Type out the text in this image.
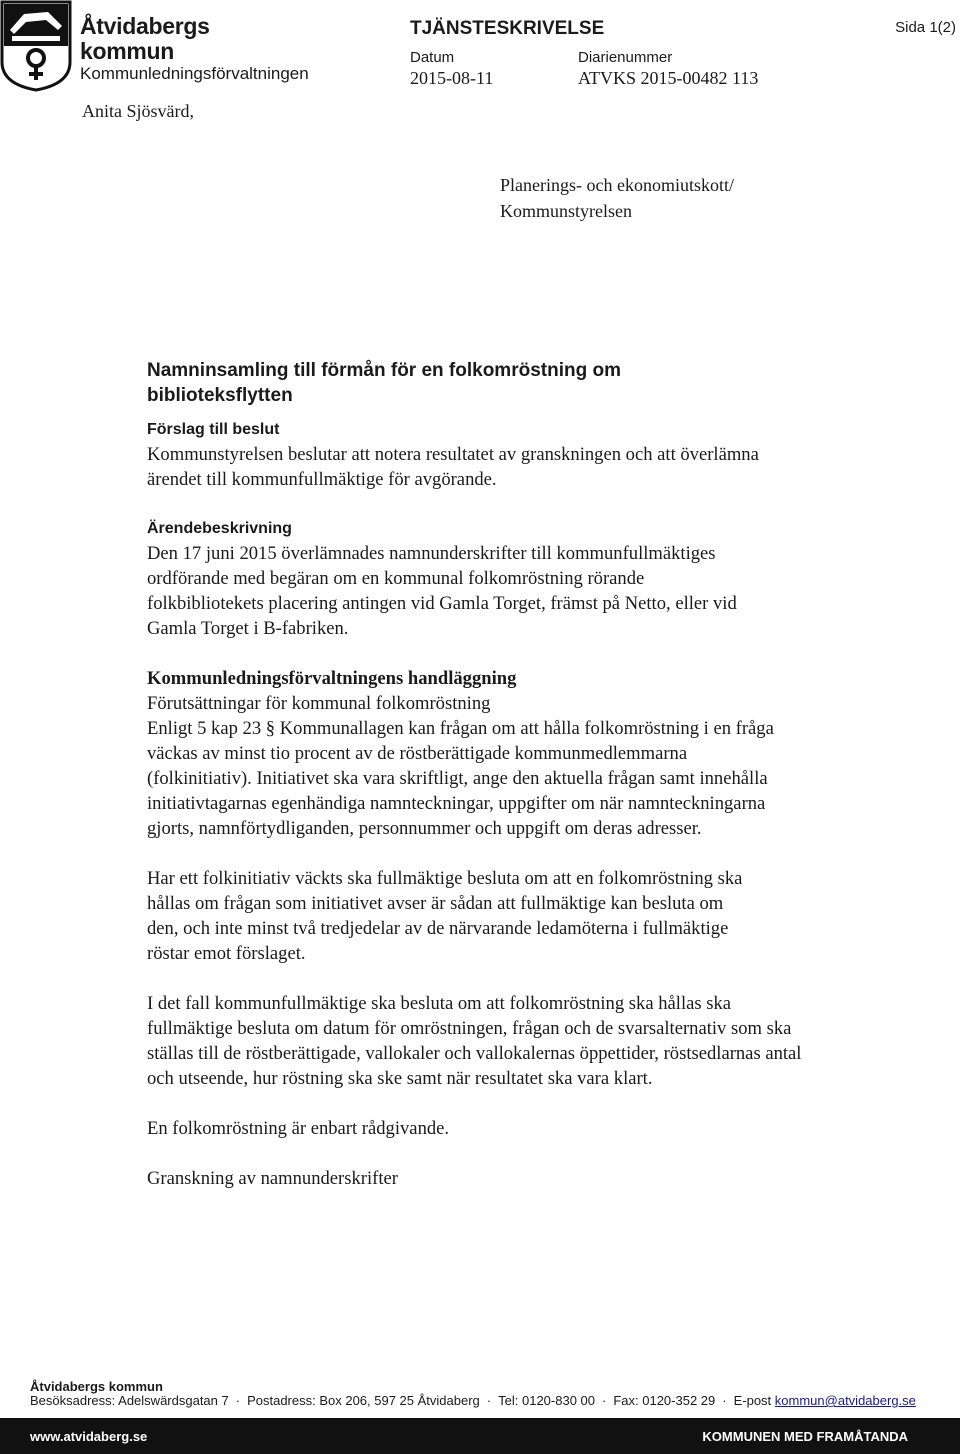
Åtvidabergs
kommun
Kommunledningsförvaltningen
TJÄNSTESKRIVELSE	Sida 1(2)
Datum
2015-08-11
Diarienummer
ATVKS 2015-00482 113
Anita Sjösvärd,
Planerings- och ekonomiutskott/
Kommunstyrelsen

Namninsamling till förmån för en folkomröstning om biblioteksflytten

Förslag till beslut

Kommunstyrelsen beslutar att notera resultatet av granskningen och att överlämna ärendet till kommunfullmäktige för avgörande.

Ärendebeskrivning

Den 17 juni 2015 överlämnades namnunderskrifter till kommunfullmäktiges ordförande med begäran om en kommunal folkomröstning rörande folkbibliotekets placering antingen vid Gamla Torget, främst på Netto, eller vid Gamla Torget i B-fabriken.

Kommunledningsförvaltningens handläggning

Förutsättningar för kommunal folkomröstning

Enligt 5 kap 23 § Kommunallagen kan frågan om att hålla folkomröstning i en fråga väckas av minst tio procent av de röstberättigade kommunmedlemmarna (folkinitiativ). Initiativet ska vara skriftligt, ange den aktuella frågan samt innehålla initiativtagarnas egenhändiga namnteckningar, uppgifter om när namnteckningarna gjorts, namnförtydliganden, personnummer och uppgift om deras adresser.

Har ett folkinitiativ väckts ska fullmäktige besluta om att en folkomröstning ska hållas om frågan som initiativet avser är sådan att fullmäktige kan besluta om den, och inte minst två tredjedelar av de närvarande ledamöterna i fullmäktige röstar emot förslaget.

I det fall kommunfullmäktige ska besluta om att folkomröstning ska hållas ska fullmäktige besluta om datum för omröstningen, frågan och de svarsalternativ som ska ställas till de röstberättigade, vallokaler och vallokalernas öppettider, röstsedlarnas antal och utseende, hur röstning ska ske samt när resultatet ska vara klart.

En folkomröstning är enbart rådgivande.

Granskning av namnunderskrifter

Åtvidabergs kommun
Besöksadress: Adelswärdsgatan 7 · Postadress: Box 206, 597 25 Åtvidaberg · Tel: 0120-830 00 · Fax: 0120-352 29 · E-post kommun@atvidaberg.se
www.atvidaberg.se	KOMMUNEN MED FRAMÅTANDA
